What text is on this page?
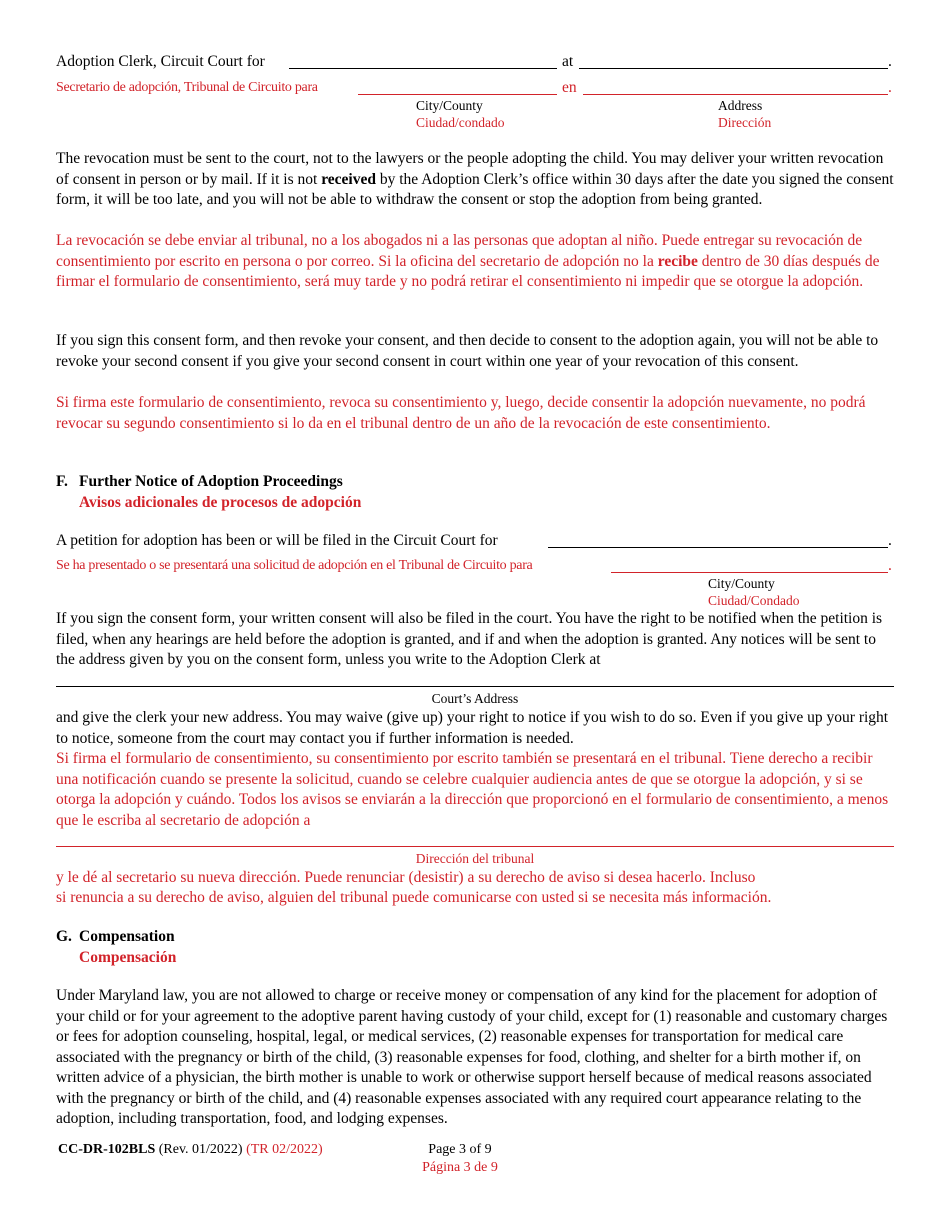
Adoption Clerk, Circuit Court for	at	.
Secretario de adopción, Tribunal de Circuito para	en	.
City/County
Ciudad/condado
Address
Dirección

The revocation must be sent to the court, not to the lawyers or the people adopting the child. You may deliver your written revocation of consent in person or by mail. If it is not received by the Adoption Clerk’s office within 30 days after the date you signed the consent form, it will be too late, and you will not be able to withdraw the consent or stop the adoption from being granted.

La revocación se debe enviar al tribunal, no a los abogados ni a las personas que adoptan al niño. Puede entregar su revocación de consentimiento por escrito en persona o por correo. Si la oficina del secretario de adopción no la recibe dentro de 30 días después de firmar el formulario de consentimiento, será muy tarde y no podrá retirar el consentimiento ni impedir que se otorgue la adopción.

If you sign this consent form, and then revoke your consent, and then decide to consent to the adoption again, you will not be able to revoke your second consent if you give your second consent in court within one year of your revocation of this consent.
Si firma este formulario de consentimiento, revoca su consentimiento y, luego, decide consentir la adopción nuevamente, no podrá revocar su segundo consentimiento si lo da en el tribunal dentro de un año de la revocación de este consentimiento.
F. Further Notice of Adoption Proceedings
Avisos adicionales de procesos de adopción
A petition for adoption has been or will be filed in the Circuit Court for	.
Se ha presentado o se presentará una solicitud de adopción en el Tribunal de Circuito para	.
City/County
Ciudad/Condado
If you sign the consent form, your written consent will also be filed in the court. You have the right to be notified when the petition is filed, when any hearings are held before the adoption is granted, and if and when the adoption is granted. Any notices will be sent to the address given by you on the consent form, unless you write to the Adoption Clerk at
Court’s Address
and give the clerk your new address. You may waive (give up) your right to notice if you wish to do so. Even if you give up your right to notice, someone from the court may contact you if further information is needed.
Si firma el formulario de consentimiento, su consentimiento por escrito también se presentará en el tribunal. Tiene derecho a recibir una notificación cuando se presente la solicitud, cuando se celebre cualquier audiencia antes de que se otorgue la adopción, y si se otorga la adopción y cuándo. Todos los avisos se enviarán a la dirección que proporcionó en el formulario de consentimiento, a menos que le escriba al secretario de adopción a
Dirección del tribunal
y le dé al secretario su nueva dirección. Puede renunciar (desistir) a su derecho de aviso si desea hacerlo. Incluso
si renuncia a su derecho de aviso, alguien del tribunal puede comunicarse con usted si se necesita más información.
G. Compensation
Compensación
Under Maryland law, you are not allowed to charge or receive money or compensation of any kind for the placement for adoption of your child or for your agreement to the adoptive parent having custody of your child, except for (1) reasonable and customary charges or fees for adoption counseling, hospital, legal, or medical services, (2) reasonable expenses for transportation for medical care associated with the pregnancy or birth of the child, (3) reasonable expenses for food, clothing, and shelter for a birth mother if, on written advice of a physician, the birth mother is unable to work or otherwise support herself because of medical reasons associated with the pregnancy or birth of the child, and (4) reasonable expenses associated with any required court appearance relating to the adoption, including transportation, food, and lodging expenses.
CC-DR-102BLS (Rev. 01/2022) (TR 02/2022)	Page 3 of 9
Página 3 de 9
